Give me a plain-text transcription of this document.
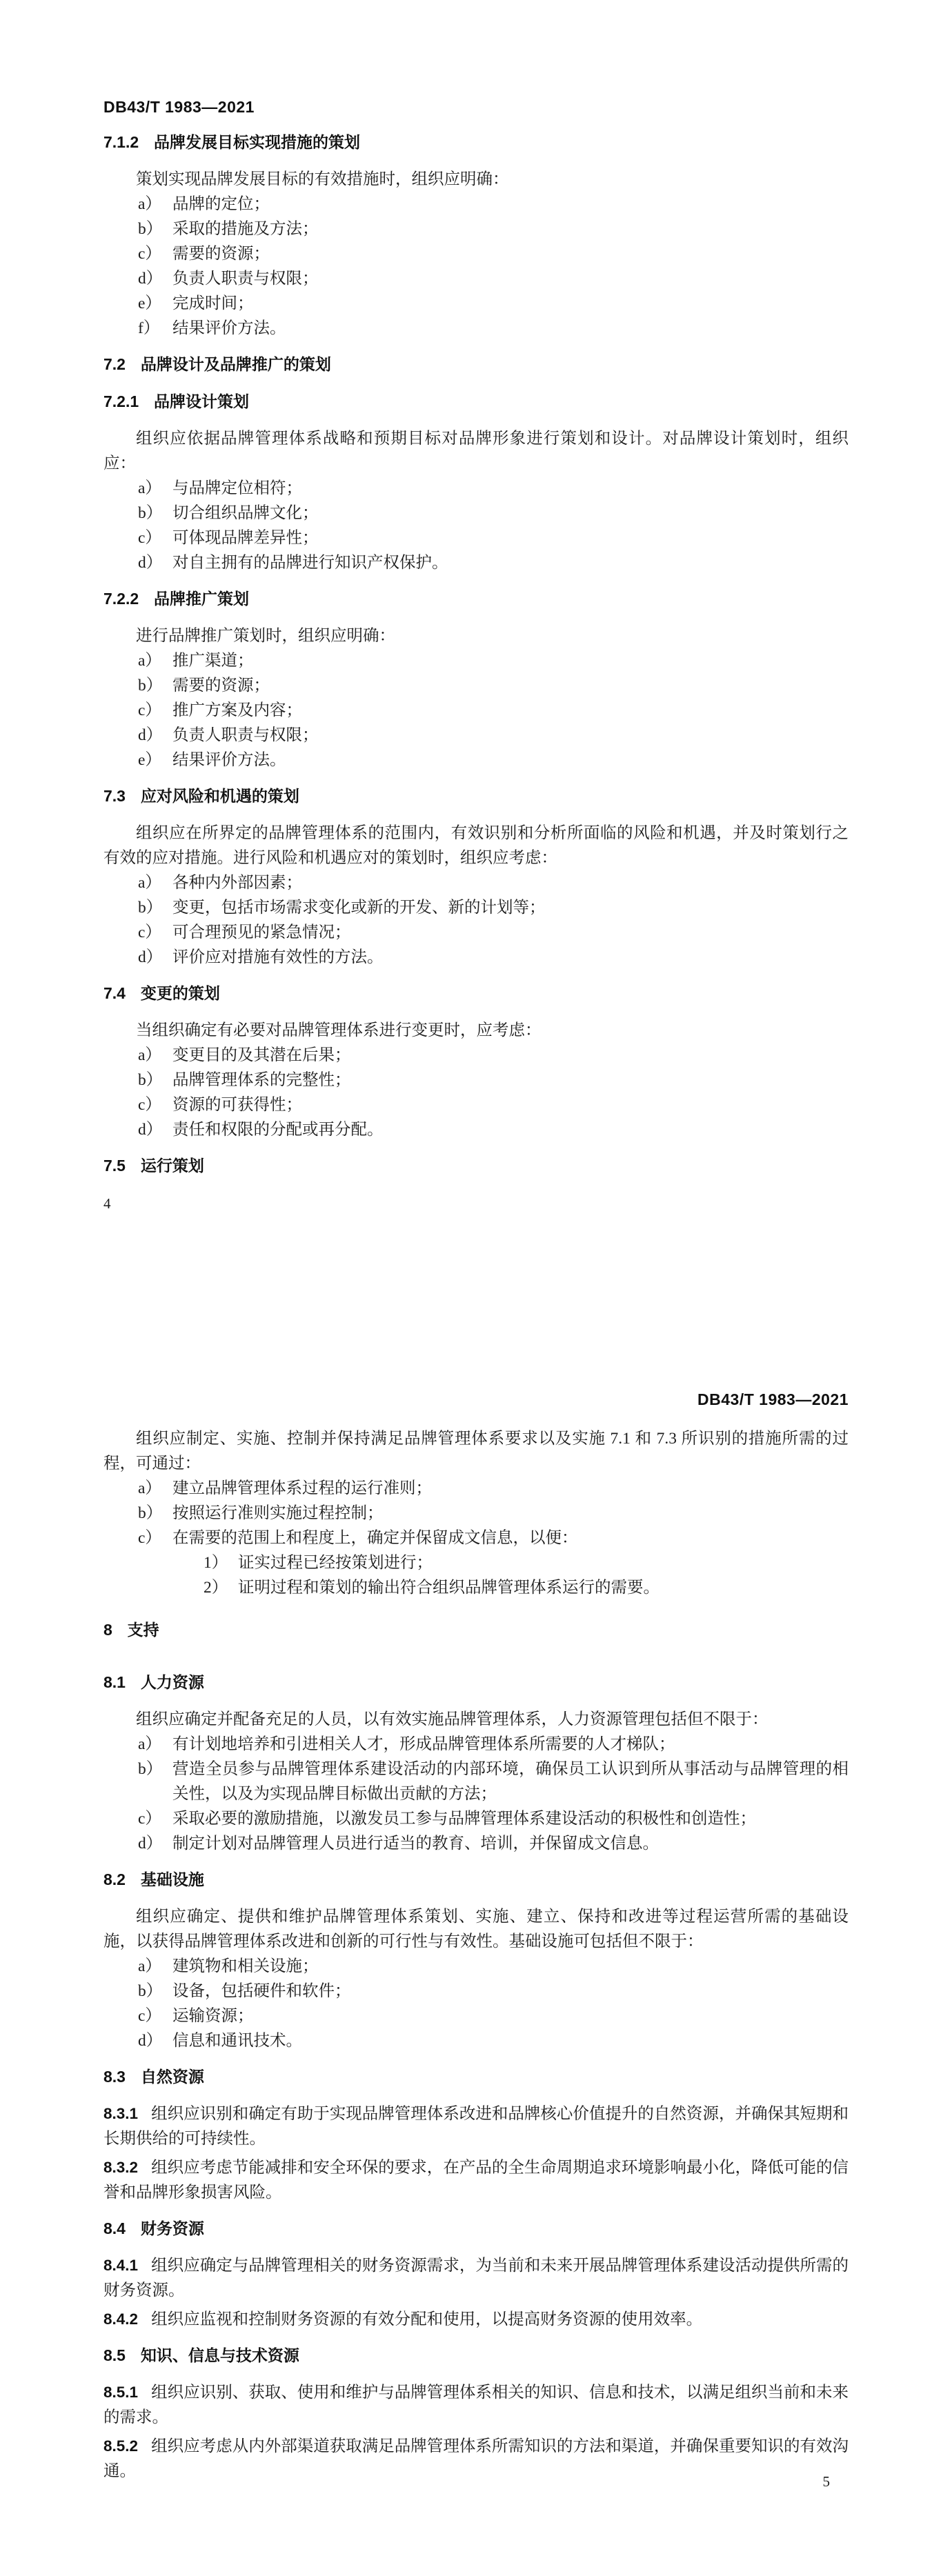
DB43/T 1983—2021
7.1.2 品牌发展目标实现措施的策划

策划实现品牌发展目标的有效措施时，组织应明确：

a） 品牌的定位；
b） 采取的措施及方法；
c） 需要的资源；
d） 负责人职责与权限；
e） 完成时间；
f） 结果评价方法。
7.2 品牌设计及品牌推广的策划
7.2.1 品牌设计策划

组织应依据品牌管理体系战略和预期目标对品牌形象进行策划和设计。对品牌设计策划时，组织应：

a） 与品牌定位相符；
b） 切合组织品牌文化；
c） 可体现品牌差异性；
d） 对自主拥有的品牌进行知识产权保护。
7.2.2 品牌推广策划

进行品牌推广策划时，组织应明确：

a） 推广渠道；
b） 需要的资源；
c） 推广方案及内容；
d） 负责人职责与权限；
e） 结果评价方法。
7.3 应对风险和机遇的策划

组织应在所界定的品牌管理体系的范围内，有效识别和分析所面临的风险和机遇，并及时策划行之有效的应对措施。进行风险和机遇应对的策划时，组织应考虑：

a） 各种内外部因素；
b） 变更，包括市场需求变化或新的开发、新的计划等；
c） 可合理预见的紧急情况；
d） 评价应对措施有效性的方法。
7.4 变更的策划

当组织确定有必要对品牌管理体系进行变更时，应考虑：

a） 变更目的及其潜在后果；
b） 品牌管理体系的完整性；
c） 资源的可获得性；
d） 责任和权限的分配或再分配。
7.5 运行策划
4
DB43/T 1983—2021

组织应制定、实施、控制并保持满足品牌管理体系要求以及实施 7.1 和 7.3 所识别的措施所需的过程，可通过：

a） 建立品牌管理体系过程的运行准则；
b） 按照运行准则实施过程控制；
c） 在需要的范围上和程度上，确定并保留成文信息，以便：
1） 证实过程已经按策划进行；
2） 证明过程和策划的输出符合组织品牌管理体系运行的需要。
8 支持
8.1 人力资源

组织应确定并配备充足的人员，以有效实施品牌管理体系，人力资源管理包括但不限于：

a） 有计划地培养和引进相关人才，形成品牌管理体系所需要的人才梯队；
b） 营造全员参与品牌管理体系建设活动的内部环境，确保员工认识到所从事活动与品牌管理的相关性，以及为实现品牌目标做出贡献的方法；
c） 采取必要的激励措施，以激发员工参与品牌管理体系建设活动的积极性和创造性；
d） 制定计划对品牌管理人员进行适当的教育、培训，并保留成文信息。
8.2 基础设施

组织应确定、提供和维护品牌管理体系策划、实施、建立、保持和改进等过程运营所需的基础设施，以获得品牌管理体系改进和创新的可行性与有效性。基础设施可包括但不限于：

a） 建筑物和相关设施；
b） 设备，包括硬件和软件；
c） 运输资源；
d） 信息和通讯技术。
8.3 自然资源

8.3.1 组织应识别和确定有助于实现品牌管理体系改进和品牌核心价值提升的自然资源，并确保其短期和长期供给的可持续性。

8.3.2 组织应考虑节能减排和安全环保的要求，在产品的全生命周期追求环境影响最小化，降低可能的信誉和品牌形象损害风险。

8.4 财务资源

8.4.1 组织应确定与品牌管理相关的财务资源需求，为当前和未来开展品牌管理体系建设活动提供所需的财务资源。

8.4.2 组织应监视和控制财务资源的有效分配和使用，以提高财务资源的使用效率。

8.5 知识、信息与技术资源

8.5.1 组织应识别、获取、使用和维护与品牌管理体系相关的知识、信息和技术，以满足组织当前和未来的需求。

8.5.2 组织应考虑从内外部渠道获取满足品牌管理体系所需知识的方法和渠道，并确保重要知识的有效沟通。

5
